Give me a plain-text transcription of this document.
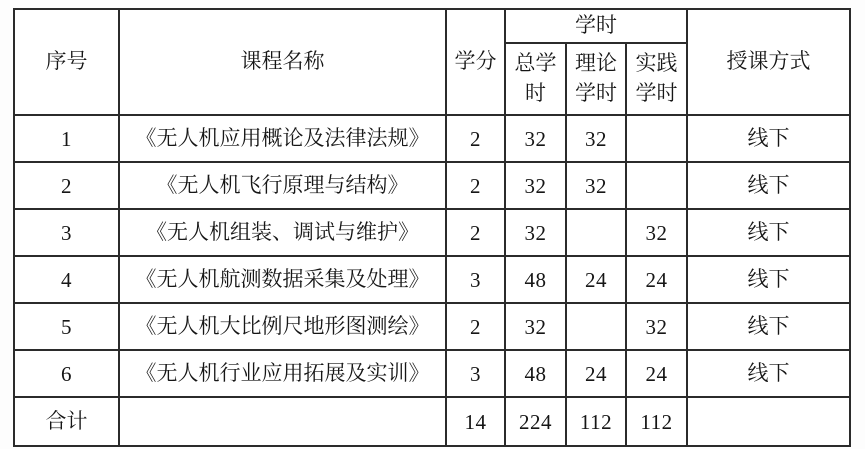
序号	课程名称	学分	学时			授课方式
			总学时	理论学时	实践学时	
1	《无人机应用概论及法律法规》	2	32	32		线下
2	《无人机飞行原理与结构》	2	32	32		线下
3	《无人机组装、调试与维护》	2	32		32	线下
4	《无人机航测数据采集及处理》	3	48	24	24	线下
5	《无人机大比例尺地形图测绘》	2	32		32	线下
6	《无人机行业应用拓展及实训》	3	48	24	24	线下
合计		14	224	112	112	
